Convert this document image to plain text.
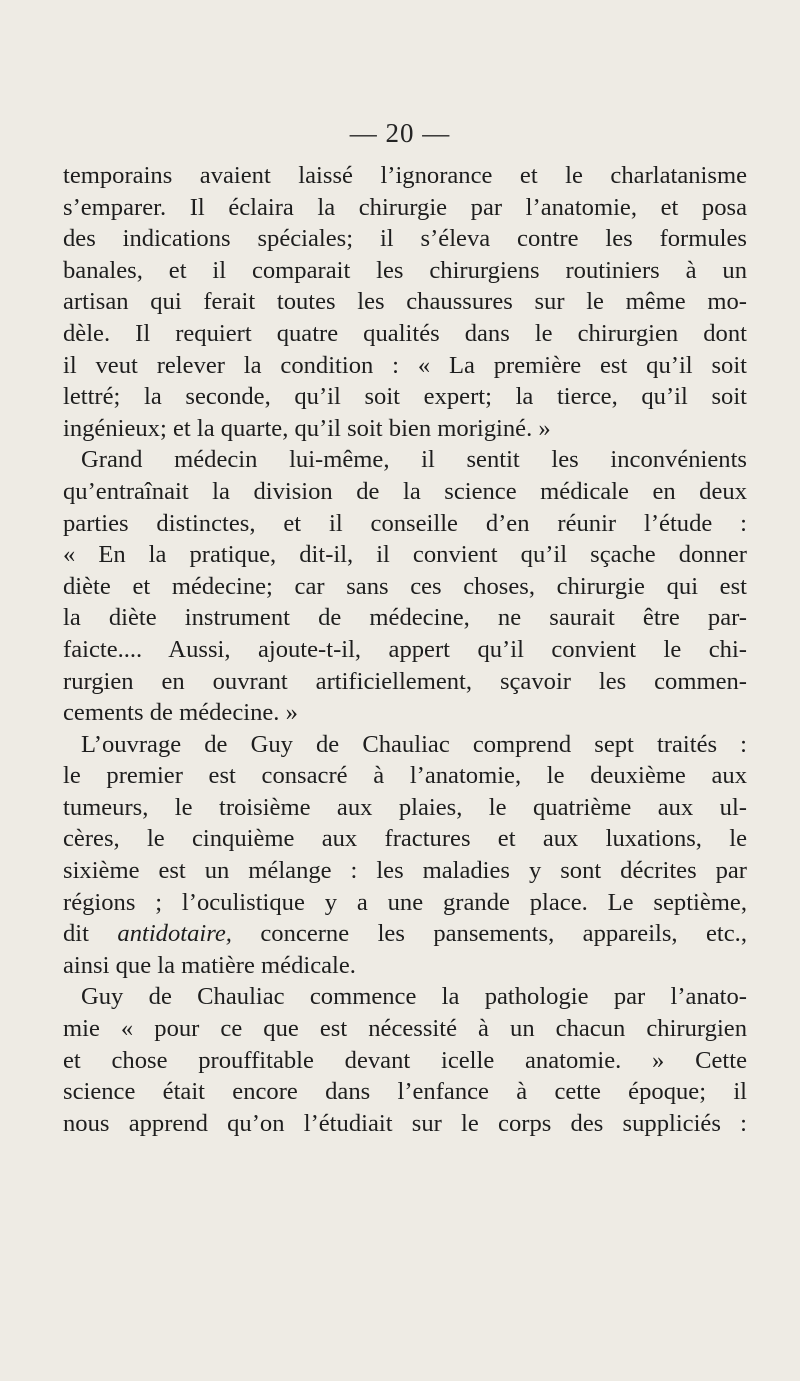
— 20 —
temporains avaient laissé l’ignorance et le charlatanisme
s’emparer. Il éclaira la chirurgie par l’anatomie, et posa
des indications spéciales; il s’éleva contre les formules
banales, et il comparait les chirurgiens routiniers à un
artisan qui ferait toutes les chaussures sur le même mo-
dèle. Il requiert quatre qualités dans le chirurgien dont
il veut relever la condition : « La première est qu’il soit
lettré; la seconde, qu’il soit expert; la tierce, qu’il soit
ingénieux; et la quarte, qu’il soit bien moriginé. »
Grand médecin lui-même, il sentit les inconvénients
qu’entraînait la division de la science médicale en deux
parties distinctes, et il conseille d’en réunir l’étude :
« En la pratique, dit-il, il convient qu’il sçache donner
diète et médecine; car sans ces choses, chirurgie qui est
la diète instrument de médecine, ne saurait être par-
faicte.... Aussi, ajoute-t-il, appert qu’il convient le chi-
rurgien en ouvrant artificiellement, sçavoir les commen-
cements de médecine. »
L’ouvrage de Guy de Chauliac comprend sept traités :
le premier est consacré à l’anatomie, le deuxième aux
tumeurs, le troisième aux plaies, le quatrième aux ul-
cères, le cinquième aux fractures et aux luxations, le
sixième est un mélange : les maladies y sont décrites par
régions ; l’oculistique y a une grande place. Le septième,
dit antidotaire, concerne les pansements, appareils, etc.,
ainsi que la matière médicale.
Guy de Chauliac commence la pathologie par l’anato-
mie « pour ce que est nécessité à un chacun chirurgien
et chose prouffitable devant icelle anatomie. » Cette
science était encore dans l’enfance à cette époque; il
nous apprend qu’on l’étudiait sur le corps des suppliciés :
